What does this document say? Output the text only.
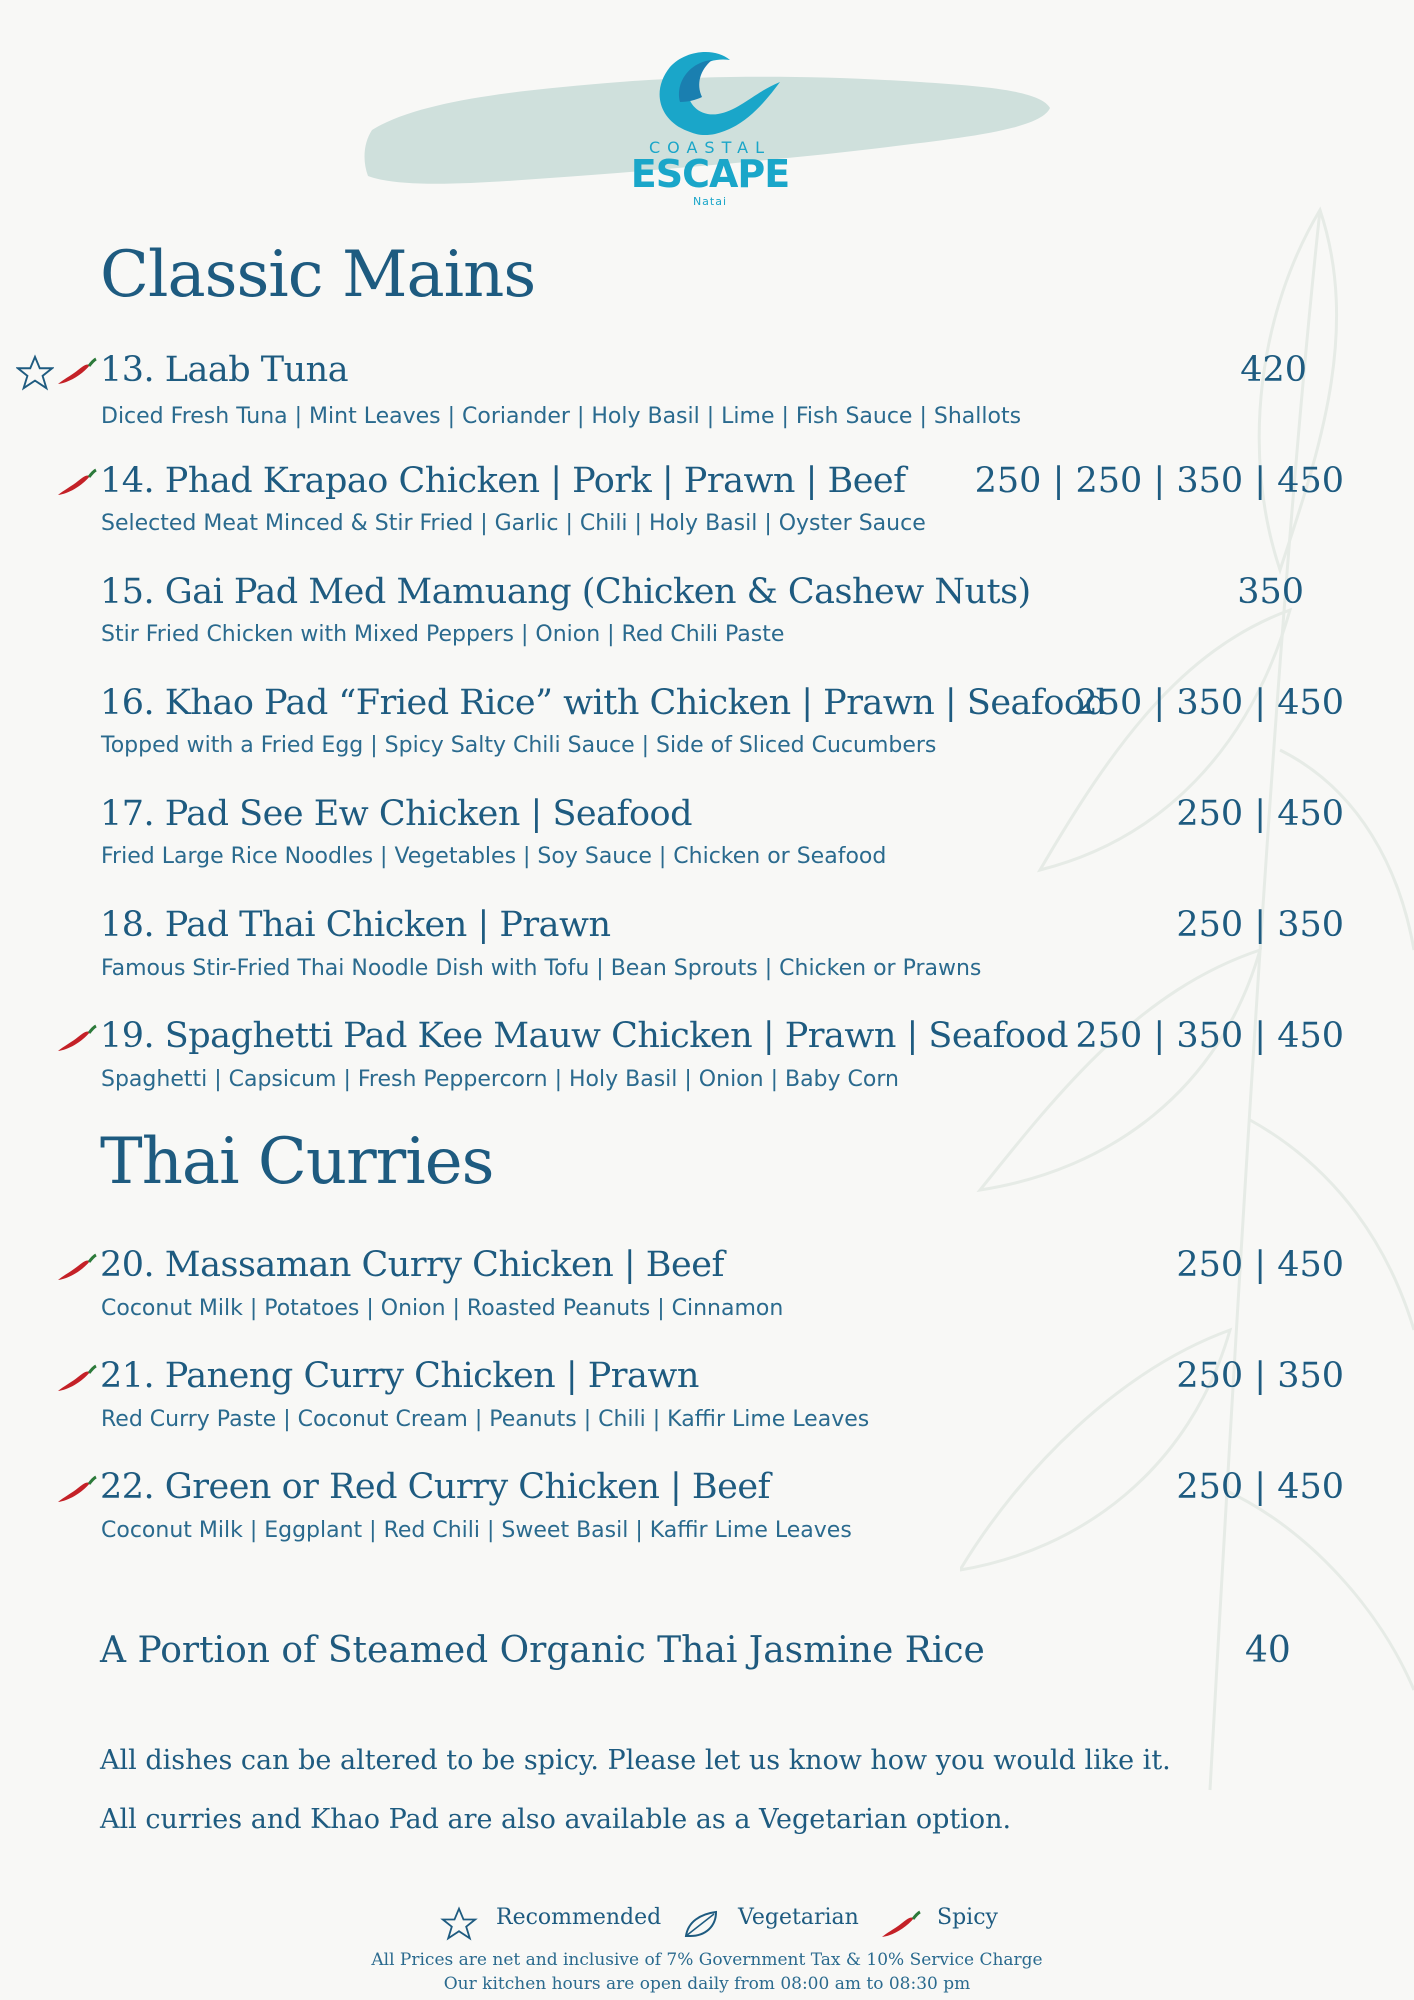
COASTAL
ESCAPE
Natai
Classic Mains
Thai Curries
13. Laab Tuna
Diced Fresh Tuna | Mint Leaves | Coriander | Holy Basil | Lime | Fish Sauce | Shallots
420
14. Phad Krapao Chicken | Pork | Prawn | Beef
Selected Meat Minced & Stir Fried | Garlic | Chili | Holy Basil | Oyster Sauce
250 | 250 | 350 | 450
15. Gai Pad Med Mamuang (Chicken & Cashew Nuts)
Stir Fried Chicken with Mixed Peppers | Onion | Red Chili Paste
350
16. Khao Pad “Fried Rice” with Chicken | Prawn | Seafood
Topped with a Fried Egg | Spicy Salty Chili Sauce | Side of Sliced Cucumbers
250 | 350 | 450
17. Pad See Ew Chicken | Seafood
Fried Large Rice Noodles | Vegetables | Soy Sauce | Chicken or Seafood
250 | 450
18. Pad Thai Chicken | Prawn
Famous Stir-Fried Thai Noodle Dish with Tofu | Bean Sprouts | Chicken or Prawns
250 | 350
19. Spaghetti Pad Kee Mauw Chicken | Prawn | Seafood
Spaghetti | Capsicum | Fresh Peppercorn | Holy Basil | Onion | Baby Corn
250 | 350 | 450
20. Massaman Curry Chicken | Beef
Coconut Milk | Potatoes | Onion | Roasted Peanuts | Cinnamon
250 | 450
21. Paneng Curry Chicken | Prawn
Red Curry Paste | Coconut Cream | Peanuts | Chili | Kaffir Lime Leaves
250 | 350
22. Green or Red Curry Chicken | Beef
Coconut Milk | Eggplant | Red Chili | Sweet Basil | Kaffir Lime Leaves
250 | 450
A Portion of Steamed Organic Thai Jasmine Rice	40
All dishes can be altered to be spicy. Please let us know how you would like it.
All curries and Khao Pad are also available as a Vegetarian option.
Recommended	Vegetarian	Spicy
All Prices are net and inclusive of 7% Government Tax & 10% Service Charge
Our kitchen hours are open daily from 08:00 am to 08:30 pm
